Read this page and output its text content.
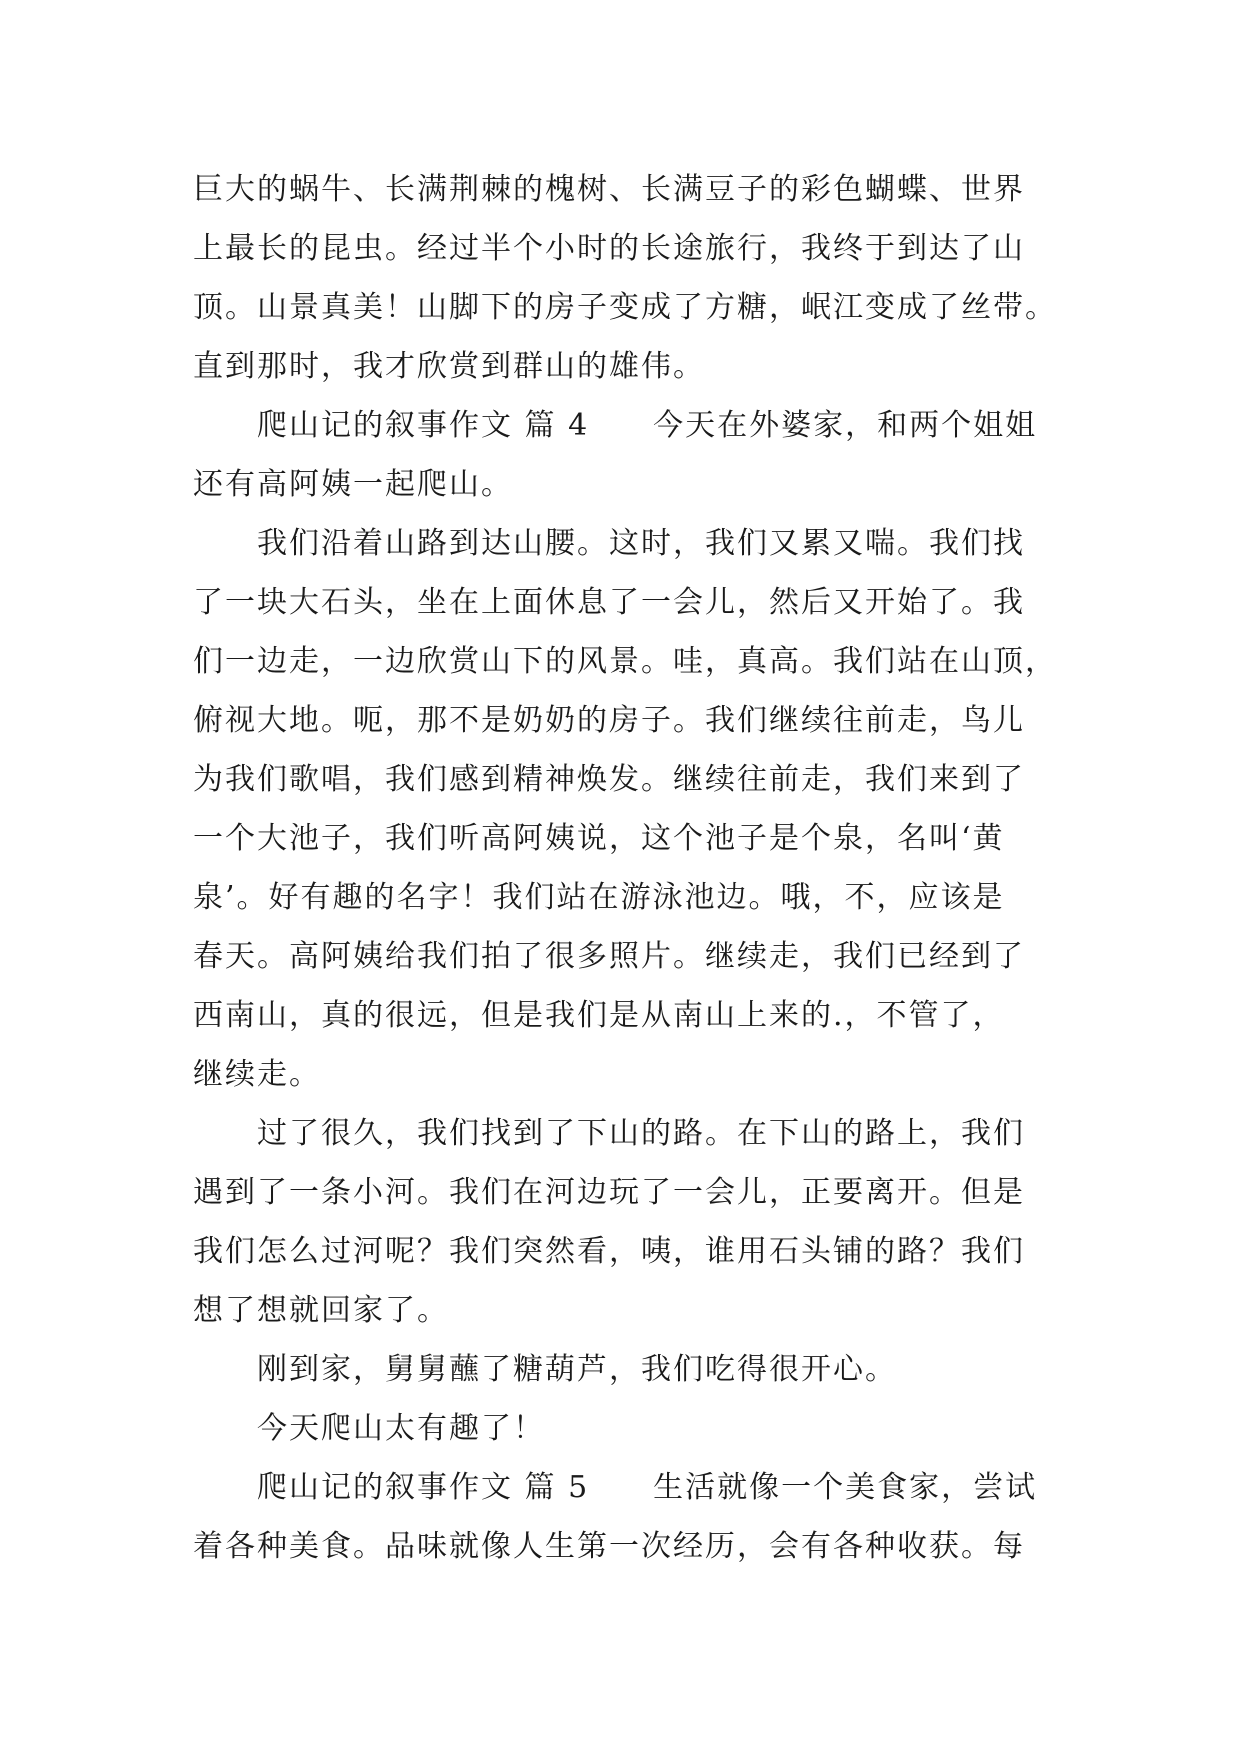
巨大的蜗牛、长满荆棘的槐树、长满豆子的彩色蝴蝶、世界
上最长的昆虫。经过半个小时的长途旅行，我终于到达了山
顶。山景真美！山脚下的房子变成了方糖，岷江变成了丝带。
直到那时，我才欣赏到群山的雄伟。
爬山记的叙事作文 篇 4 今天在外婆家，和两个姐姐
还有高阿姨一起爬山。
我们沿着山路到达山腰。这时，我们又累又喘。我们找
了一块大石头，坐在上面休息了一会儿，然后又开始了。我
们一边走，一边欣赏山下的风景。哇，真高。我们站在山顶，
俯视大地。呃，那不是奶奶的房子。我们继续往前走，鸟儿
为我们歌唱，我们感到精神焕发。继续往前走，我们来到了
一个大池子，我们听高阿姨说，这个池子是个泉，名叫‘黄
泉’。好有趣的名字！我们站在游泳池边。哦，不，应该是
春天。高阿姨给我们拍了很多照片。继续走，我们已经到了
西南山，真的很远，但是我们是从南山上来的.，不管了，
继续走。
过了很久，我们找到了下山的路。在下山的路上，我们
遇到了一条小河。我们在河边玩了一会儿，正要离开。但是
我们怎么过河呢？我们突然看，咦，谁用石头铺的路？我们
想了想就回家了。
刚到家，舅舅蘸了糖葫芦，我们吃得很开心。
今天爬山太有趣了！
爬山记的叙事作文 篇 5 生活就像一个美食家，尝试
着各种美食。品味就像人生第一次经历，会有各种收获。每
